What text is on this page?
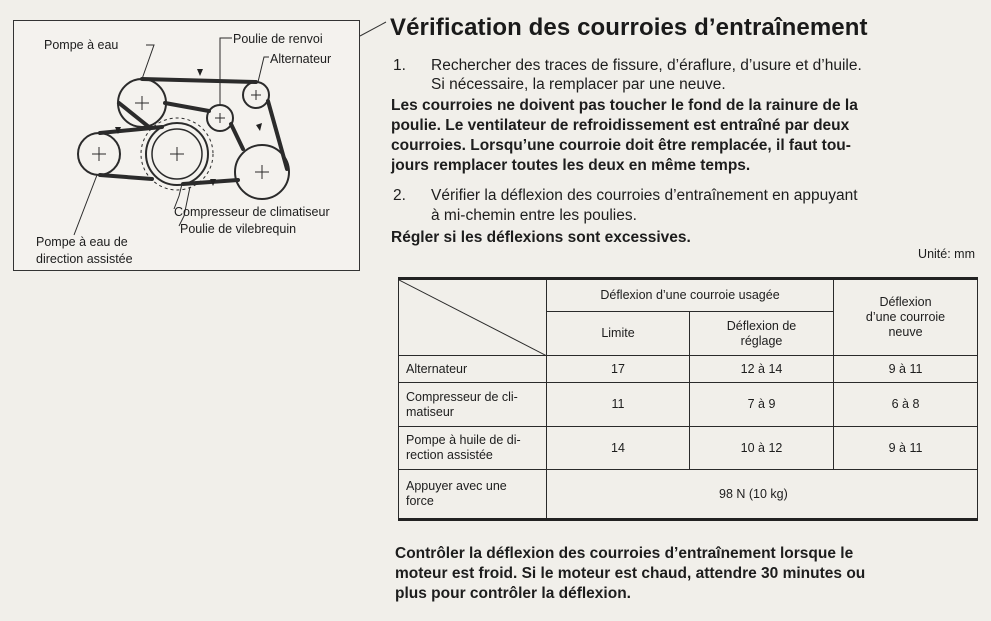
Pompe à eau	Poulie de renvoi
Alternateur
Compresseur de climatiseur
Poulie de vilebrequin
Pompe à eau de
direction assistée
Vérification des courroies d’entraînement
1. Rechercher des traces de fissure, d’éraflure, d’usure et d’huile.
Si nécessaire, la remplacer par une neuve.
Les courroies ne doivent pas toucher le fond de la rainure de la
poulie. Le ventilateur de refroidissement est entraîné par deux
courroies. Lorsqu’une courroie doit être remplacée, il faut tou-
jours remplacer toutes les deux en même temps.
2. Vérifier la déflexion des courroies d’entraînement en appuyant
à mi-chemin entre les poulies.
Régler si les déflexions sont excessives.
Unité: mm
	Déflexion d’une courroie usagée		Déflexion
d’une courroie
neuve
	Limite	Déflexion de
réglage	
Alternateur	17	12 à 14	9 à 11
Compresseur de cli-
matiseur	11	7 à 9	6 à 8
Pompe à huile de di-
rection assistée	14	10 à 12	9 à 11
Appuyer avec une
force	98 N (10 kg)		
Contrôler la déflexion des courroies d’entraînement lorsque le
moteur est froid. Si le moteur est chaud, attendre 30 minutes ou
plus pour contrôler la déflexion.
